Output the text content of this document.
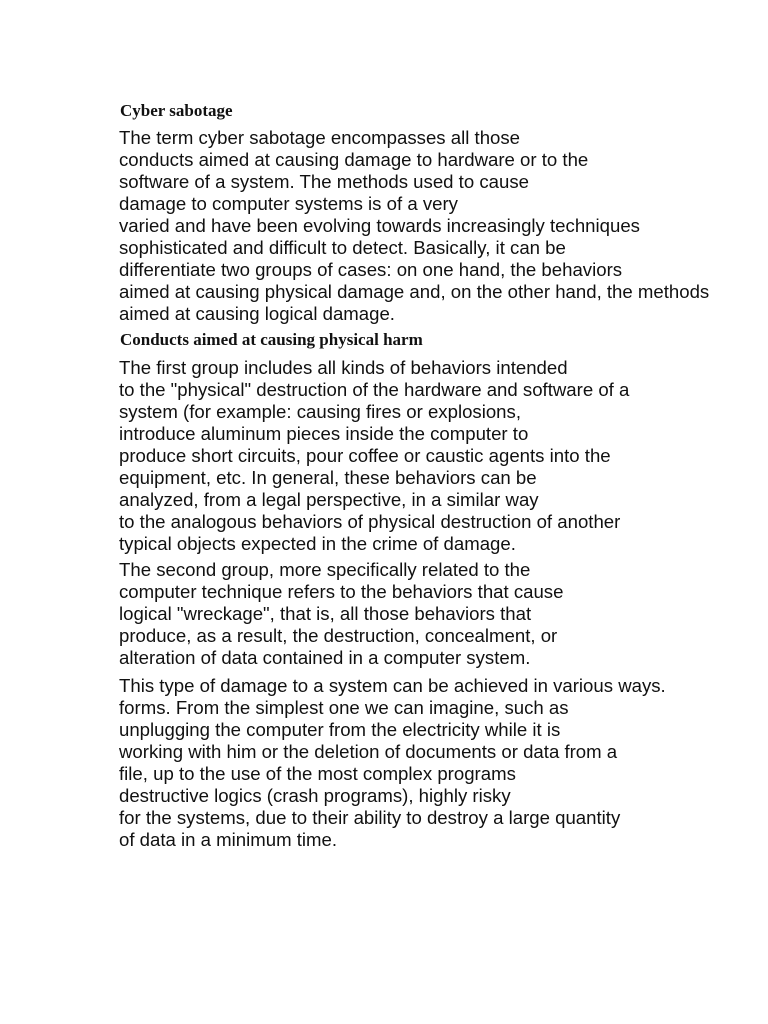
Cyber sabotage
The term cyber sabotage encompasses all those
conducts aimed at causing damage to hardware or to the
software of a system. The methods used to cause
damage to computer systems is of a very
varied and have been evolving towards increasingly techniques
sophisticated and difficult to detect. Basically, it can be
differentiate two groups of cases: on one hand, the behaviors
aimed at causing physical damage and, on the other hand, the methods
aimed at causing logical damage.
Conducts aimed at causing physical harm
The first group includes all kinds of behaviors intended
to the "physical" destruction of the hardware and software of a
system (for example: causing fires or explosions,
introduce aluminum pieces inside the computer to
produce short circuits, pour coffee or caustic agents into the
equipment, etc. In general, these behaviors can be
analyzed, from a legal perspective, in a similar way
to the analogous behaviors of physical destruction of another
typical objects expected in the crime of damage.
The second group, more specifically related to the
computer technique refers to the behaviors that cause
logical "wreckage", that is, all those behaviors that
produce, as a result, the destruction, concealment, or
alteration of data contained in a computer system.
This type of damage to a system can be achieved in various ways.
forms. From the simplest one we can imagine, such as
unplugging the computer from the electricity while it is
working with him or the deletion of documents or data from a
file, up to the use of the most complex programs
destructive logics (crash programs), highly risky
for the systems, due to their ability to destroy a large quantity
of data in a minimum time.
